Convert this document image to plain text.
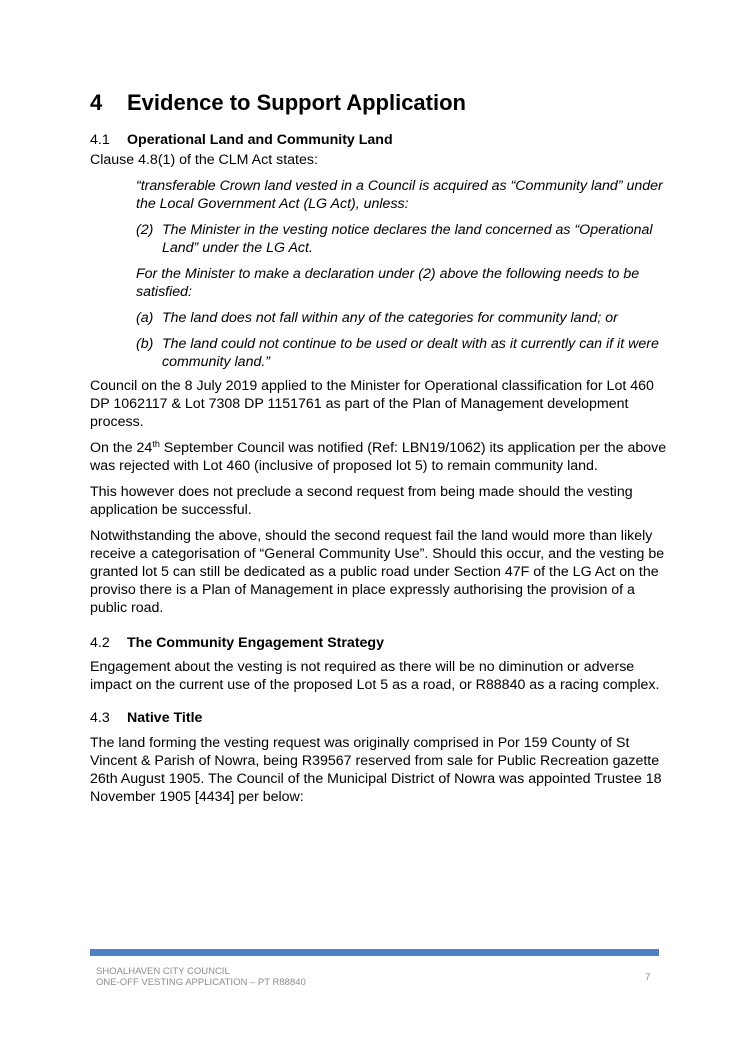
4 Evidence to Support Application
4.1 Operational Land and Community Land

Clause 4.8(1) of the CLM Act states:

“transferable Crown land vested in a Council is acquired as “Community land” under the Local Government Act (LG Act), unless:

(2) The Minister in the vesting notice declares the land concerned as “Operational Land” under the LG Act.

For the Minister to make a declaration under (2) above the following needs to be satisfied:

(a) The land does not fall within any of the categories for community land; or
(b) The land could not continue to be used or dealt with as it currently can if it were community land.”

Council on the 8 July 2019 applied to the Minister for Operational classification for Lot 460 DP 1062117 & Lot 7308 DP 1151761 as part of the Plan of Management development process.

On the 24th September Council was notified (Ref: LBN19/1062) its application per the above was rejected with Lot 460 (inclusive of proposed lot 5) to remain community land.

This however does not preclude a second request from being made should the vesting application be successful.

Notwithstanding the above, should the second request fail the land would more than likely receive a categorisation of “General Community Use”. Should this occur, and the vesting be granted lot 5 can still be dedicated as a public road under Section 47F of the LG Act on the proviso there is a Plan of Management in place expressly authorising the provision of a public road.

4.2 The Community Engagement Strategy

Engagement about the vesting is not required as there will be no diminution or adverse impact on the current use of the proposed Lot 5 as a road, or R88840 as a racing complex.

4.3 Native Title

The land forming the vesting request was originally comprised in Por 159 County of St Vincent & Parish of Nowra, being R39567 reserved from sale for Public Recreation gazette 26th August 1905. The Council of the Municipal District of Nowra was appointed Trustee 18 November 1905 [4434] per below:

SHOALHAVEN CITY COUNCIL
ONE-OFF VESTING APPLICATION – PT R88840	7
